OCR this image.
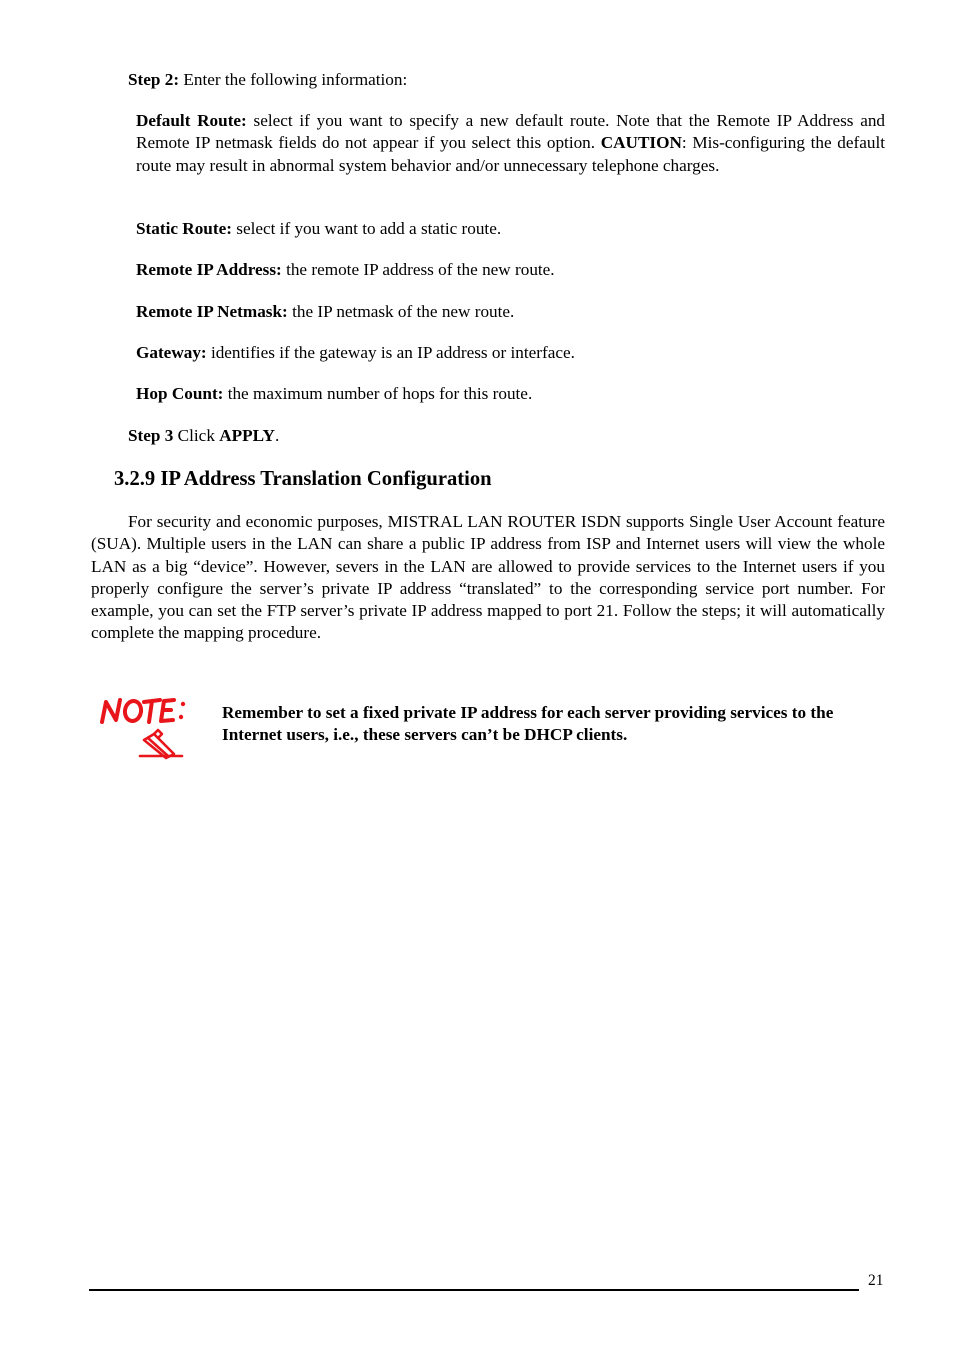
Step 2: Enter the following information:
Default Route: select if you want to specify a new default route. Note that the Remote IP Address and Remote IP netmask fields do not appear if you select this option. CAUTION: Mis-configuring the default route may result in abnormal system behavior and/or unnecessary telephone charges.
Static Route: select if you want to add a static route.
Remote IP Address: the remote IP address of the new route.
Remote IP Netmask: the IP netmask of the new route.
Gateway: identifies if the gateway is an IP address or interface.
Hop Count: the maximum number of hops for this route.
Step 3 Click APPLY.
3.2.9 IP Address Translation Configuration
For security and economic purposes, MISTRAL LAN ROUTER ISDN supports Single User Account feature (SUA). Multiple users in the LAN can share a public IP address from ISP and Internet users will view the whole LAN as a big “device”. However, severs in the LAN are allowed to provide services to the Internet users if you properly configure the server’s private IP address “translated” to the corresponding service port number. For example, you can set the FTP server’s private IP address mapped to port 21. Follow the steps; it will automatically complete the mapping procedure.
Remember to set a fixed private IP address for each server providing services to the Internet users, i.e., these servers can’t be DHCP clients.
21
